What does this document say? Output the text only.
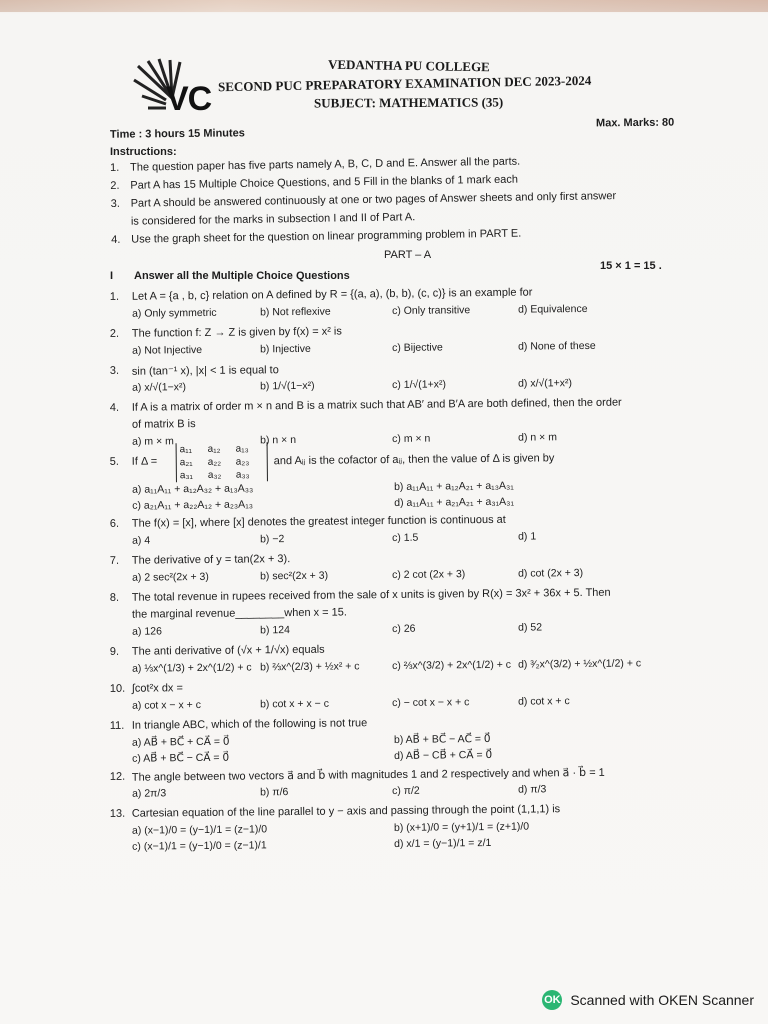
VC
VEDANTHA PU COLLEGE
SECOND PUC PREPARATORY EXAMINATION DEC 2023-2024
SUBJECT: MATHEMATICS (35)
Time : 3 hours 15 Minutes
Max. Marks: 80
Instructions:
1. The question paper has five parts namely A, B, C, D and E. Answer all the parts.
2. Part A has 15 Multiple Choice Questions, and 5 Fill in the blanks of 1 mark each
3. Part A should be answered continuously at one or two pages of Answer sheets and only first answer
is considered for the marks in subsection I and II of Part A.
4. Use the graph sheet for the question on linear programming problem in PART E.
PART – A
I Answer all the Multiple Choice Questions
15 × 1 = 15 .
1. Let A = {a , b, c} relation on A defined by R = {(a, a), (b, b), (c, c)} is an example for
a) Only symmetric	b) Not reflexive	c) Only transitive	d) Equivalence
2. The function f: Z → Z is given by f(x) = x² is
a) Not Injective	b) Injective	c) Bijective	d) None of these
3. sin (tan⁻¹ x), |x| < 1 is equal to
a) x/√(1−x²)	b) 1/√(1−x²)	c) 1/√(1+x²)	d) x/√(1+x²)
4. If A is a matrix of order m × n and B is a matrix such that AB′ and B′A are both defined, then the order
of matrix B is
a) m × m	b) n × n	c) m × n	d) n × m
5. If Δ =
a₁₁ a₁₂ a₁₃
a₂₁ a₂₂ a₂₃
a₃₁ a₃₂ a₃₃
and Aᵢⱼ is the cofactor of aᵢⱼ, then the value of Δ is given by
a) a₁₁A₁₁ + a₁₂A₃₂ + a₁₃A₃₃	b) a₁₁A₁₁ + a₁₂A₂₁ + a₁₃A₃₁
c) a₂₁A₁₁ + a₂₂A₁₂ + a₂₃A₁₃	d) a₁₁A₁₁ + a₂₁A₂₁ + a₃₁A₃₁
6. The f(x) = [x], where [x] denotes the greatest integer function is continuous at
a) 4	b) −2	c) 1.5	d) 1
7. The derivative of y = tan(2x + 3).
a) 2 sec²(2x + 3)	b) sec²(2x + 3)	c) 2 cot (2x + 3)	d) cot (2x + 3)
8. The total revenue in rupees received from the sale of x units is given by R(x) = 3x² + 36x + 5. Then
the marginal revenue________when x = 15.
a) 126	b) 124	c) 26	d) 52
9. The anti derivative of (√x + 1/√x) equals
a) ⅓x^(1/3) + 2x^(1/2) + c b) ⅔x^(2/3) + ½x² + c	c) ⅔x^(3/2) + 2x^(1/2) + c d) ³⁄₂x^(3/2) + ½x^(1/2) + c
10. ∫cot²x dx =
a) cot x − x + c	b) cot x + x − c	c) − cot x − x + c	d) cot x + c
11. In triangle ABC, which of the following is not true
a) AB⃗ + BC⃗ + CA⃗ = 0⃗	b) AB⃗ + BC⃗ − AC⃗ = 0⃗
c) AB⃗ + BC⃗ − CA⃗ = 0⃗	d) AB⃗ − CB⃗ + CA⃗ = 0⃗
12. The angle between two vectors a⃗ and b⃗ with magnitudes 1 and 2 respectively and when a⃗ · b⃗ = 1
a) 2π/3	b) π/6	c) π/2	d) π/3
13. Cartesian equation of the line parallel to y − axis and passing through the point (1,1,1) is
a) (x−1)/0 = (y−1)/1 = (z−1)/0	b) (x+1)/0 = (y+1)/1 = (z+1)/0
c) (x−1)/1 = (y−1)/0 = (z−1)/1	d) x/1 = (y−1)/1 = z/1
OK Scanned with OKEN Scanner
